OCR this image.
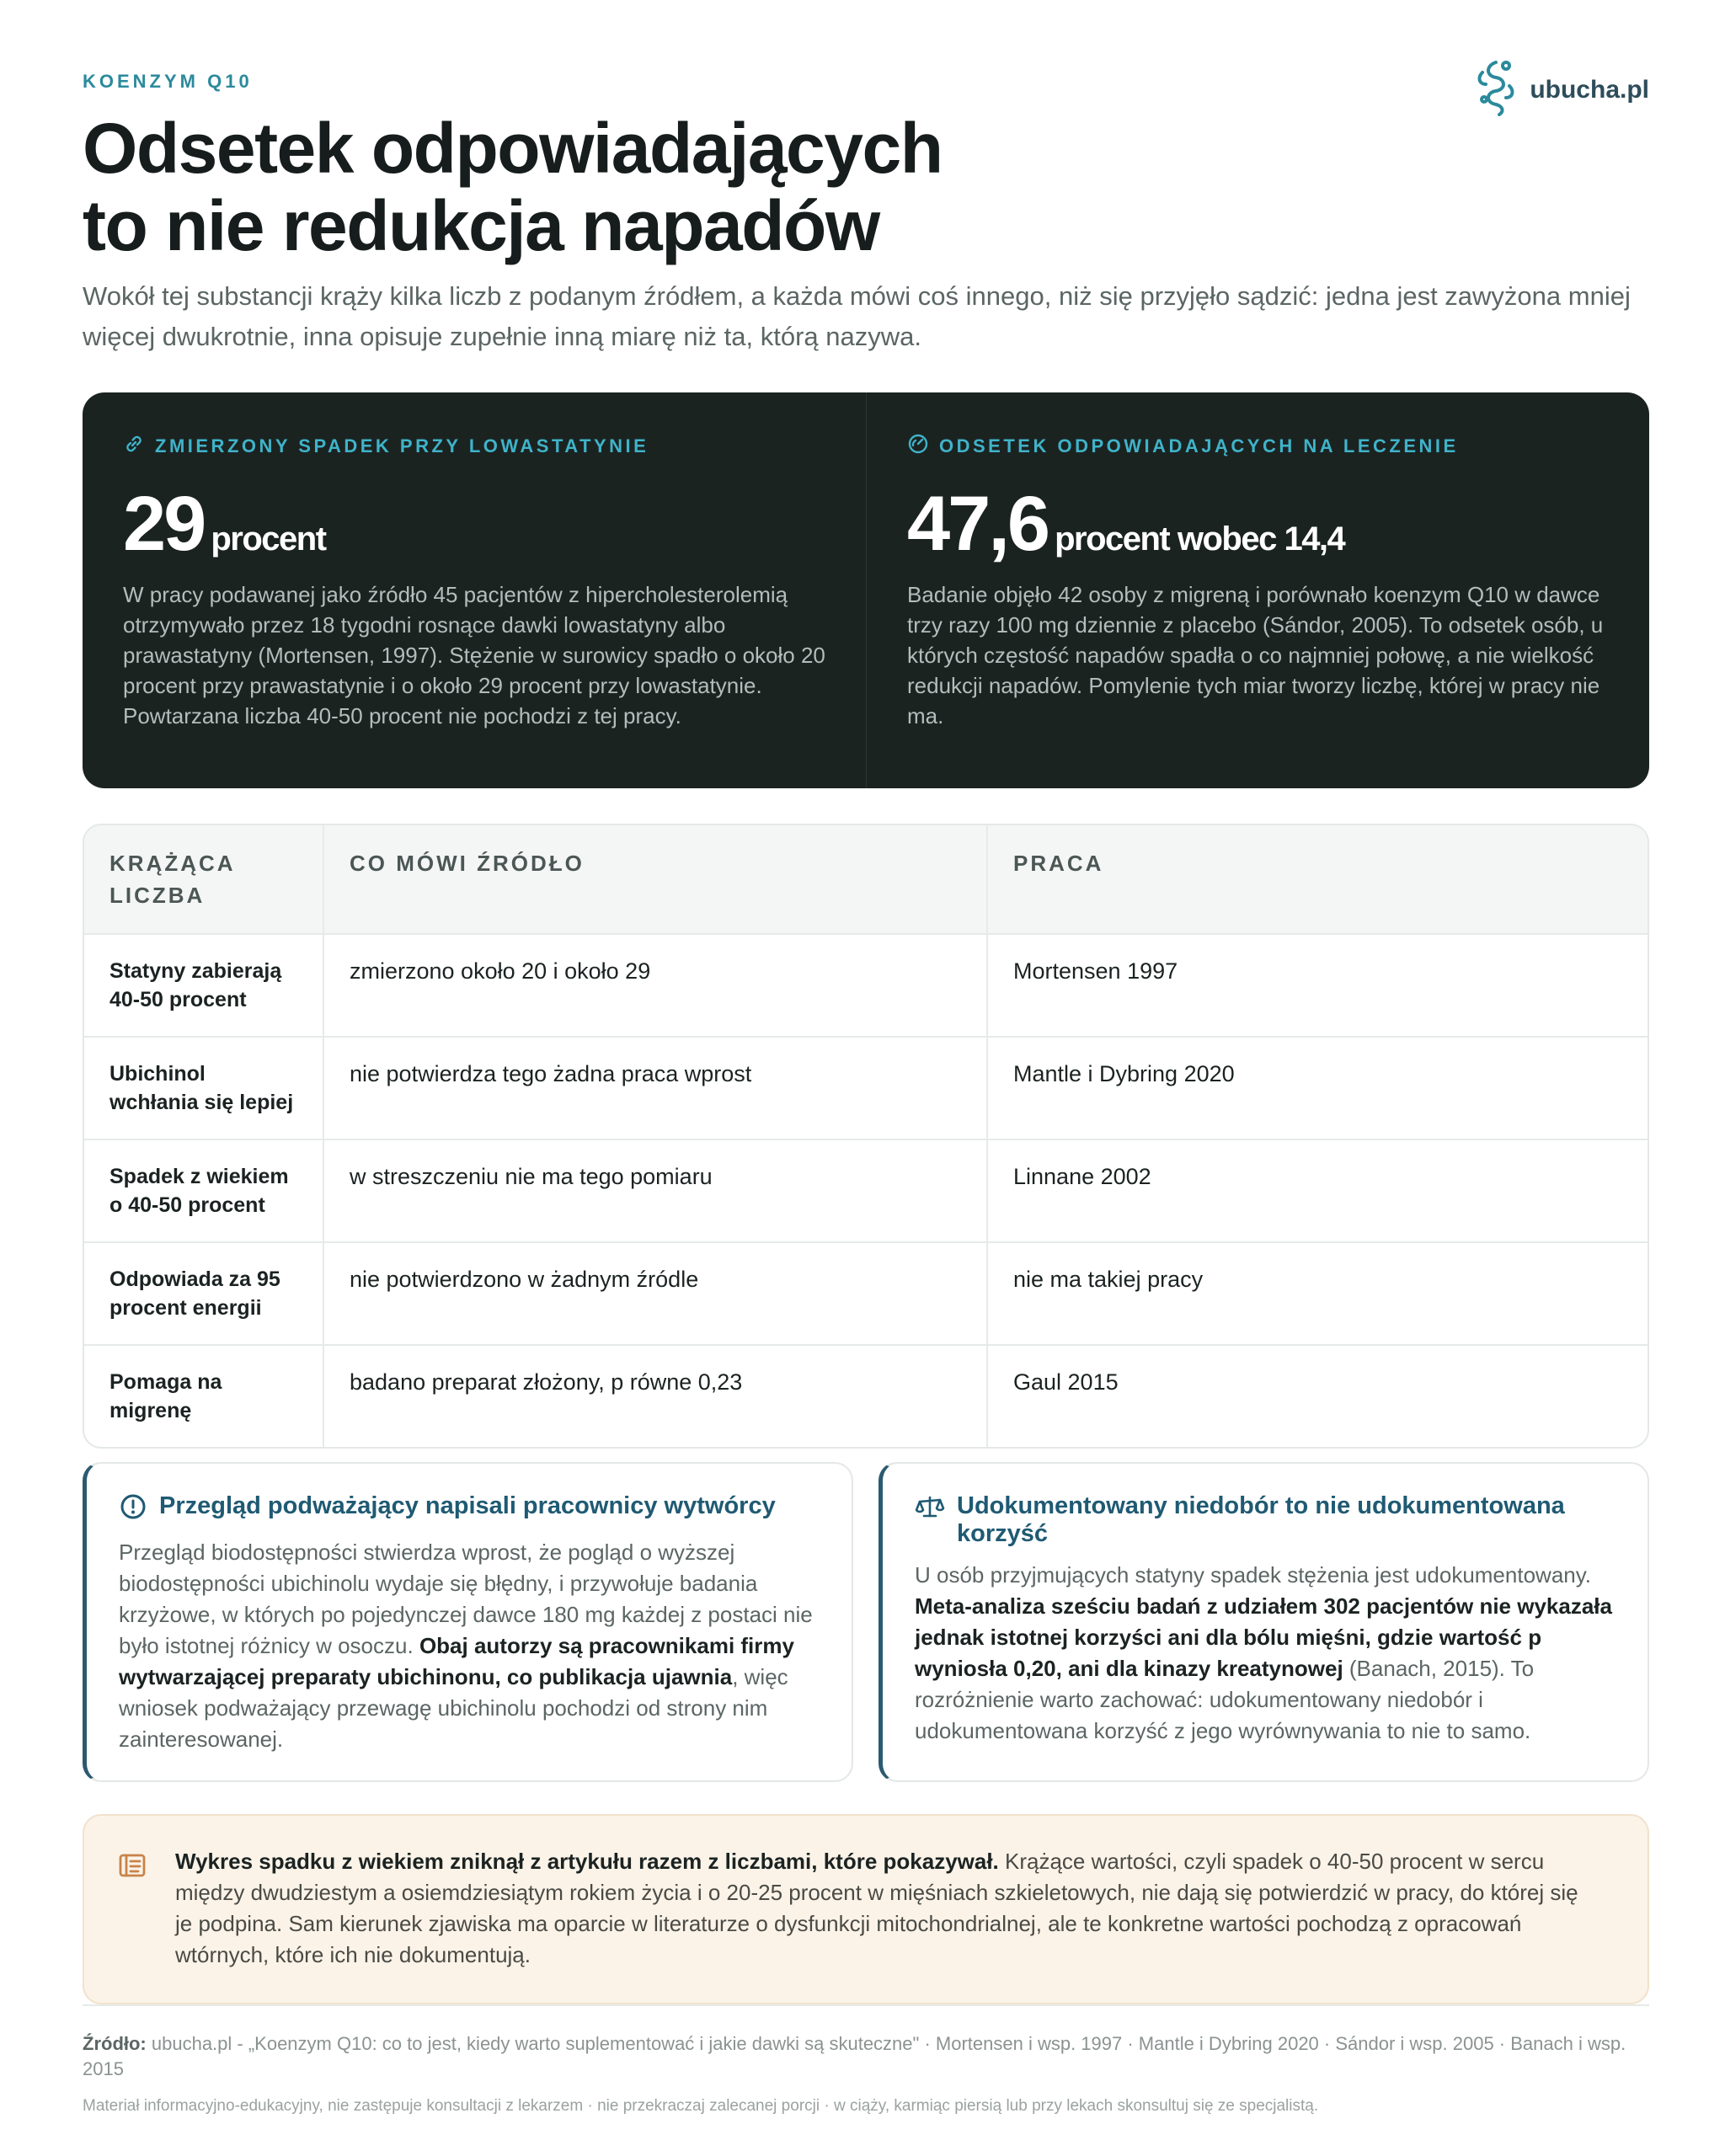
KOENZYM Q10
Odsetek odpowiadających
to nie redukcja napadów

Wokół tej substancji krąży kilka liczb z podanym źródłem, a każda mówi coś innego, niż się przyjęło sądzić: jedna jest zawyżona mniej więcej dwukrotnie, inna opisuje zupełnie inną miarę niż ta, którą nazywa.

ubucha.pl
ZMIERZONY SPADEK PRZY LOWASTATYNIE
29 procent

W pracy podawanej jako źródło 45 pacjentów z hipercholesterolemią otrzymywało przez 18 tygodni rosnące dawki lowastatyny albo prawastatyny (Mortensen, 1997). Stężenie w surowicy spadło o około 20 procent przy prawastatynie i o około 29 procent przy lowastatynie. Powtarzana liczba 40-50 procent nie pochodzi z tej pracy.

ODSETEK ODPOWIADAJĄCYCH NA LECZENIE
47,6 procent wobec 14,4

Badanie objęło 42 osoby z migreną i porównało koenzym Q10 w dawce trzy razy 100 mg dziennie z placebo (Sándor, 2005). To odsetek osób, u których częstość napadów spadła o co najmniej połowę, a nie wielkość redukcji napadów. Pomylenie tych miar tworzy liczbę, której w pracy nie ma.

KRĄŻĄCA LICZBA	CO MÓWI ŹRÓDŁO	PRACA
Statyny zabierają 40-50 procent	zmierzono około 20 i około 29	Mortensen 1997
Ubichinol wchłania się lepiej	nie potwierdza tego żadna praca wprost	Mantle i Dybring 2020
Spadek z wiekiem o 40-50 procent	w streszczeniu nie ma tego pomiaru	Linnane 2002
Odpowiada za 95 procent energii	nie potwierdzono w żadnym źródle	nie ma takiej pracy
Pomaga na migrenę	badano preparat złożony, p równe 0,23	Gaul 2015
Przegląd podważający napisali pracownicy wytwórcy

Przegląd biodostępności stwierdza wprost, że pogląd o wyższej biodostępności ubichinolu wydaje się błędny, i przywołuje badania krzyżowe, w których po pojedynczej dawce 180 mg każdej z postaci nie było istotnej różnicy w osoczu. Obaj autorzy są pracownikami firmy wytwarzającej preparaty ubichinonu, co publikacja ujawnia, więc wniosek podważający przewagę ubichinolu pochodzi od strony nim zainteresowanej.

Udokumentowany niedobór to nie udokumentowana korzyść

U osób przyjmujących statyny spadek stężenia jest udokumentowany. Meta-analiza sześciu badań z udziałem 302 pacjentów nie wykazała jednak istotnej korzyści ani dla bólu mięśni, gdzie wartość p wyniosła 0,20, ani dla kinazy kreatynowej (Banach, 2015). To rozróżnienie warto zachować: udokumentowany niedobór i udokumentowana korzyść z jego wyrównywania to nie to samo.

Wykres spadku z wiekiem zniknął z artykułu razem z liczbami, które pokazywał. Krążące wartości, czyli spadek o 40-50 procent w sercu między dwudziestym a osiemdziesiątym rokiem życia i o 20-25 procent w mięśniach szkieletowych, nie dają się potwierdzić w pracy, do której się je podpina. Sam kierunek zjawiska ma oparcie w literaturze o dysfunkcji mitochondrialnej, ale te konkretne wartości pochodzą z opracowań wtórnych, które ich nie dokumentują.

Źródło: ubucha.pl - „Koenzym Q10: co to jest, kiedy warto suplementować i jakie dawki są skuteczne" · Mortensen i wsp. 1997 · Mantle i Dybring 2020 · Sándor i wsp. 2005 · Banach i wsp. 2015

Materiał informacyjno-edukacyjny, nie zastępuje konsultacji z lekarzem · nie przekraczaj zalecanej porcji · w ciąży, karmiąc piersią lub przy lekach skonsultuj się ze specjalistą.
